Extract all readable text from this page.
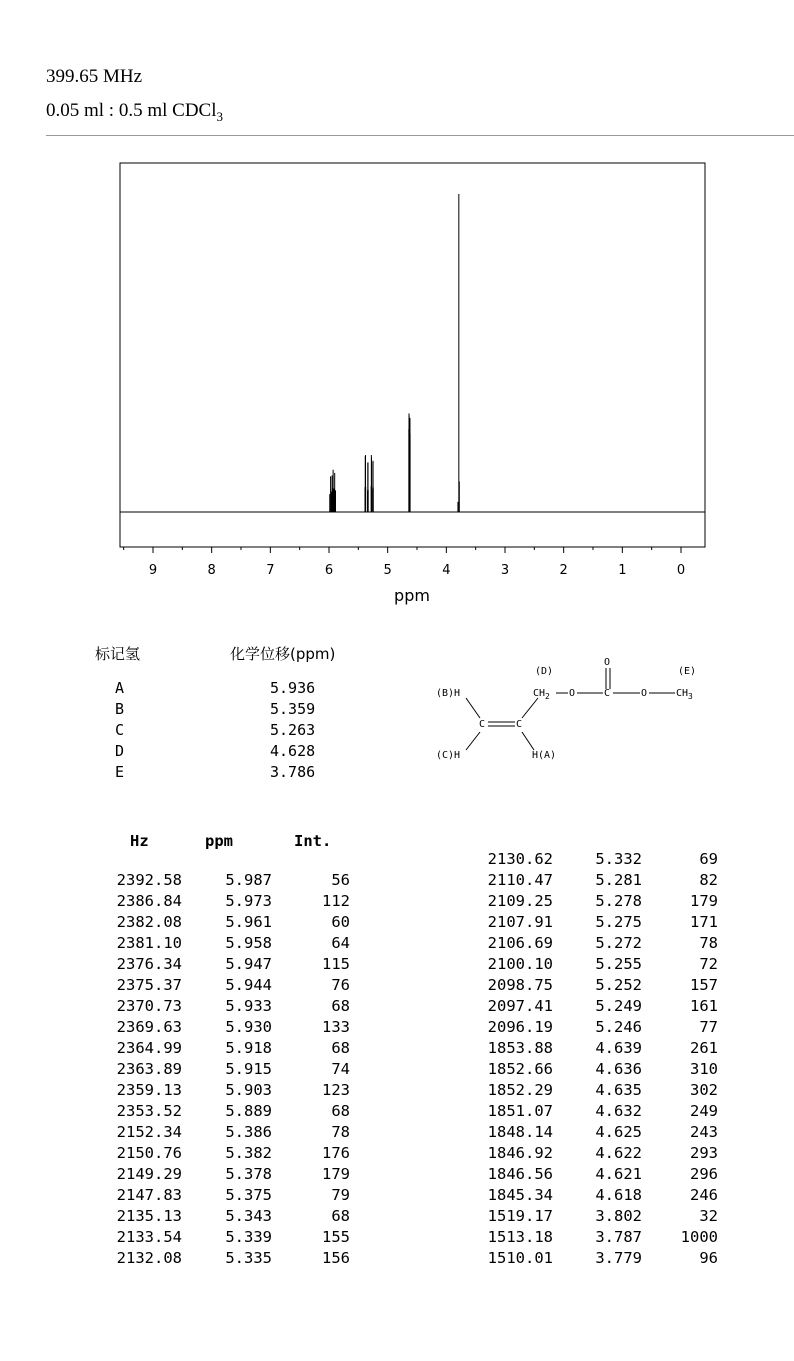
399.65 MHz
0.05 ml : 0.5 ml CDCl$_3$
9	8	7	6	5	4	3	2	1	0
ppm
标记氢	化学位移(ppm)
A	5.936
B	5.359
C	5.263
D	4.628
E	3.786
(D)
O
(E)
(B)H	$CH_2$ O	C	O	$CH_3$
C	C
(C)H	H(A)
Hz	ppm	Int.
2392.58	5.987	56
2386.84	5.973	112
2382.08	5.961	60
2381.10	5.958	64
2376.34	5.947	115
2375.37	5.944	76
2370.73	5.933	68
2369.63	5.930	133
2364.99	5.918	68
2363.89	5.915	74
2359.13	5.903	123
2353.52	5.889	68
2152.34	5.386	78
2150.76	5.382	176
2149.29	5.378	179
2147.83	5.375	79
2135.13	5.343	68
2133.54	5.339	155
2132.08	5.335	156
2130.62	5.332	69
2110.47	5.281	82
2109.25	5.278	179
2107.91	5.275	171
2106.69	5.272	78
2100.10	5.255	72
2098.75	5.252	157
2097.41	5.249	161
2096.19	5.246	77
1853.88	4.639	261
1852.66	4.636	310
1852.29	4.635	302
1851.07	4.632	249
1848.14	4.625	243
1846.92	4.622	293
1846.56	4.621	296
1845.34	4.618	246
1519.17	3.802	32
1513.18	3.787	1000
1510.01	3.779	96
